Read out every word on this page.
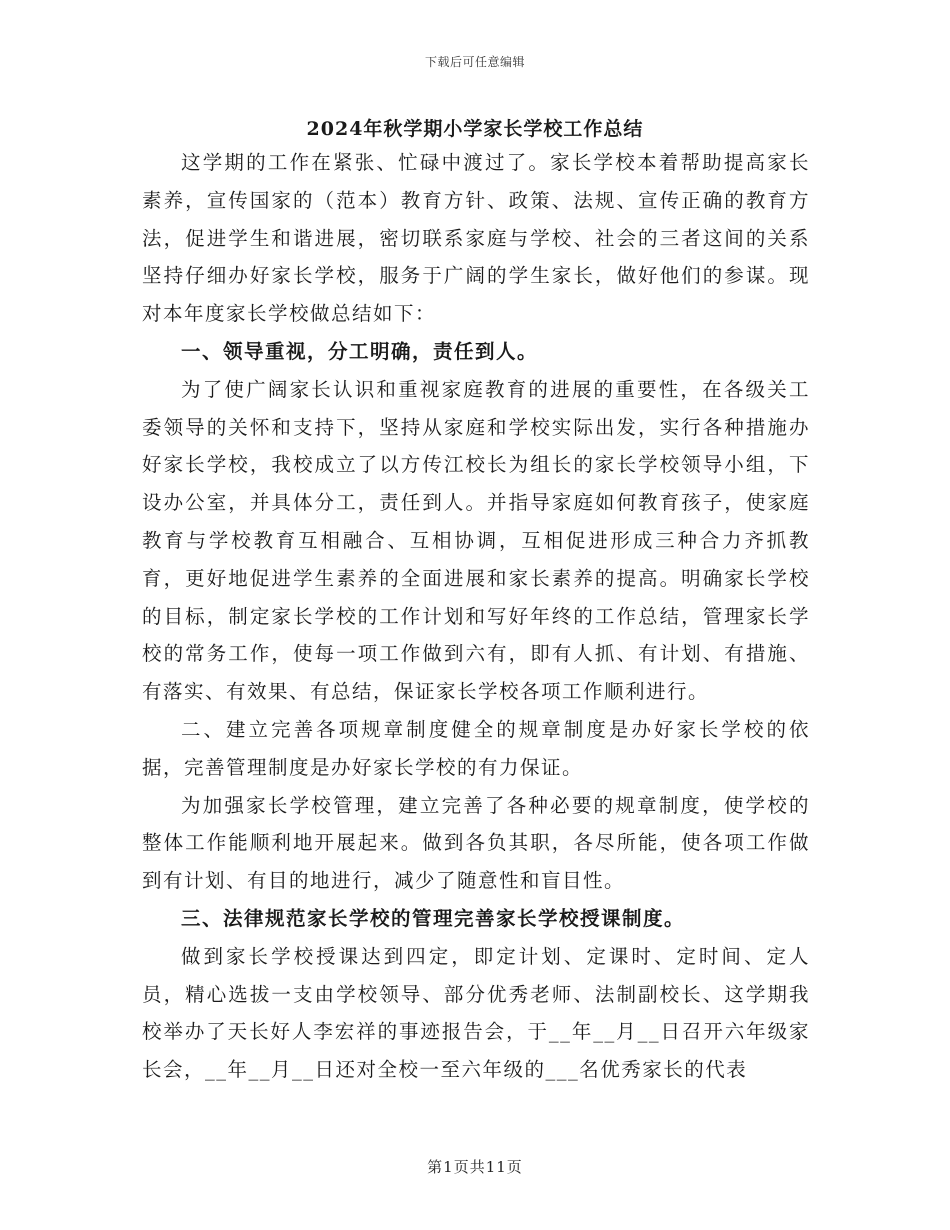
下载后可任意编辑
2024年秋学期小学家长学校工作总结

这学期的工作在紧张、忙碌中渡过了。家长学校本着帮助提高家长素养，宣传国家的（范本）教育方针、政策、法规、宣传正确的教育方法，促进学生和谐进展，密切联系家庭与学校、社会的三者这间的关系坚持仔细办好家长学校，服务于广阔的学生家长，做好他们的参谋。现对本年度家长学校做总结如下：

一、领导重视，分工明确，责任到人。

为了使广阔家长认识和重视家庭教育的进展的重要性，在各级关工委领导的关怀和支持下，坚持从家庭和学校实际出发，实行各种措施办好家长学校，我校成立了以方传江校长为组长的家长学校领导小组，下设办公室，并具体分工，责任到人。并指导家庭如何教育孩子，使家庭教育与学校教育互相融合、互相协调，互相促进形成三种合力齐抓教育，更好地促进学生素养的全面进展和家长素养的提高。明确家长学校的目标，制定家长学校的工作计划和写好年终的工作总结，管理家长学校的常务工作，使每一项工作做到六有，即有人抓、有计划、有措施、有落实、有效果、有总结，保证家长学校各项工作顺利进行。

二、建立完善各项规章制度健全的规章制度是办好家长学校的依据，完善管理制度是办好家长学校的有力保证。

为加强家长学校管理，建立完善了各种必要的规章制度，使学校的整体工作能顺利地开展起来。做到各负其职，各尽所能，使各项工作做到有计划、有目的地进行，减少了随意性和盲目性。

三、法律规范家长学校的管理完善家长学校授课制度。

做到家长学校授课达到四定，即定计划、定课时、定时间、定人员，精心选拔一支由学校领导、部分优秀老师、法制副校长、这学期我校举办了天长好人李宏祥的事迹报告会，于__年__月__日召开六年级家长会，__年__月__日还对全校一至六年级的___名优秀家长的代表

第1页共11页
